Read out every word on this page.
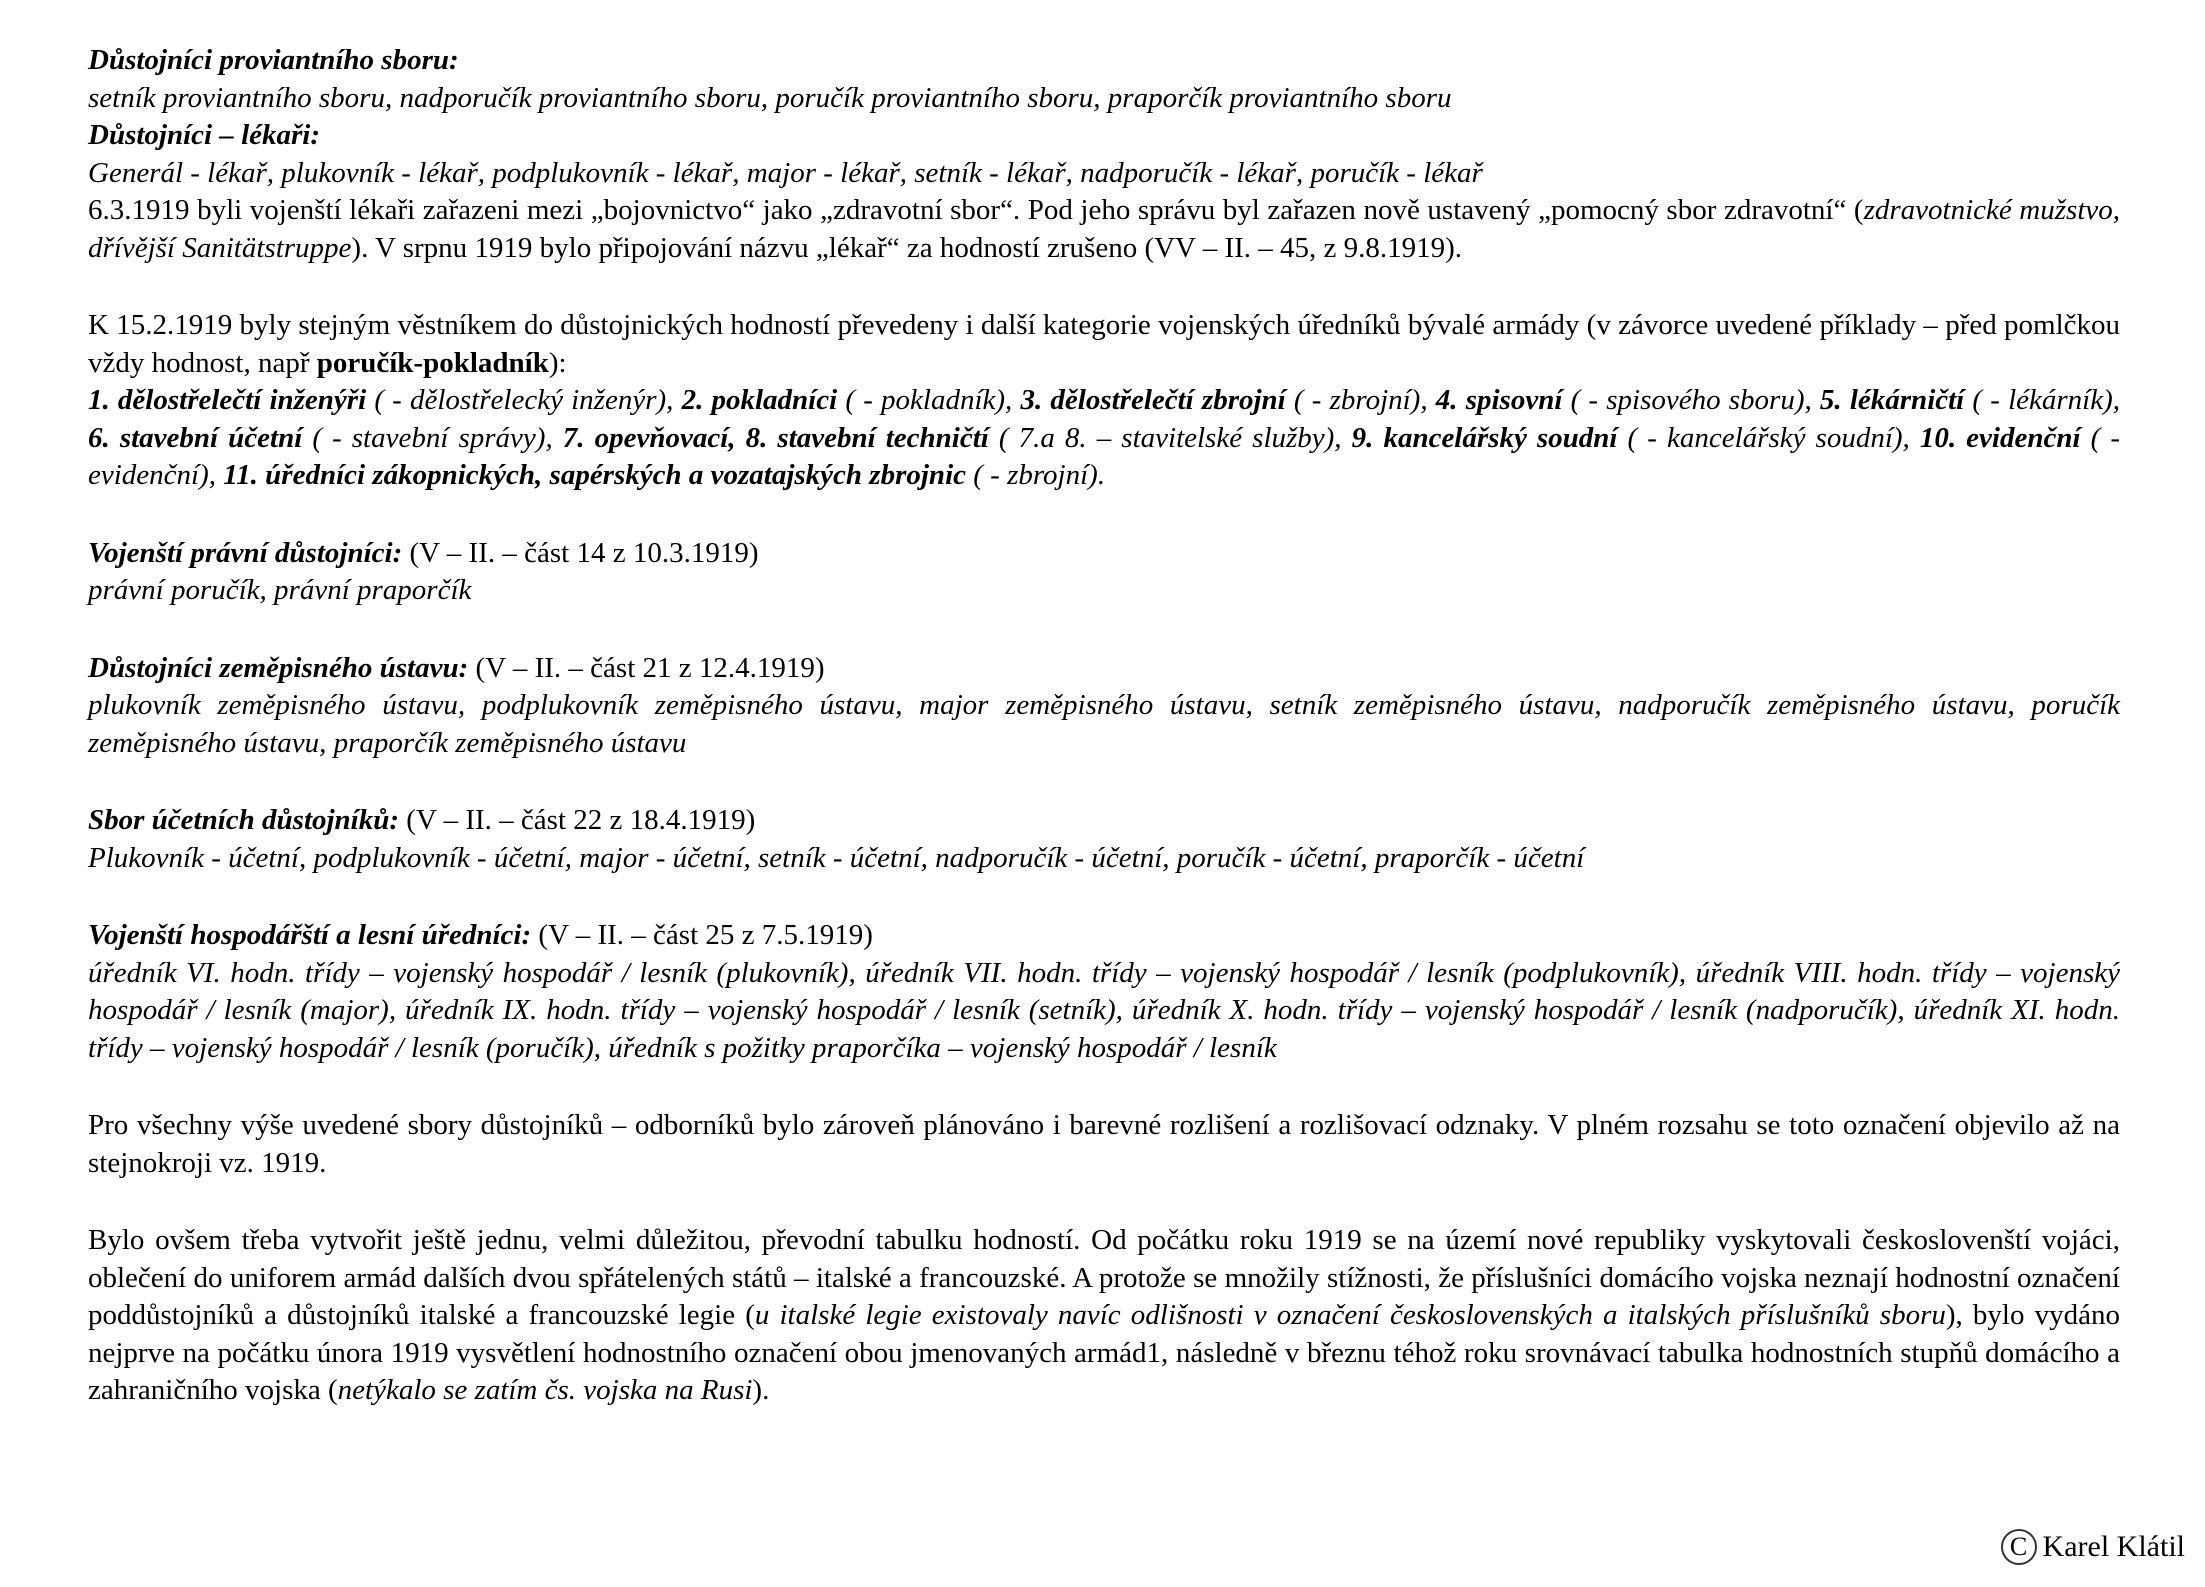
Důstojníci proviantního sboru:

setník proviantního sboru, nadporučík proviantního sboru, poručík proviantního sboru, praporčík proviantního sboru

Důstojníci – lékaři:

Generál - lékař, plukovník - lékař, podplukovník - lékař, major - lékař, setník - lékař, nadporučík - lékař, poručík - lékař

6.3.1919 byli vojenští lékaři zařazeni mezi „bojovnictvo“ jako „zdravotní sbor“. Pod jeho správu byl zařazen nově ustavený „pomocný sbor zdravotní“ (zdravotnické mužstvo, dřívější Sanitätstruppe). V srpnu 1919 bylo připojování názvu „lékař“ za hodností zrušeno (VV – II. – 45, z 9.8.1919).

K 15.2.1919 byly stejným věstníkem do důstojnických hodností převedeny i další kategorie vojenských úředníků bývalé armády (v závorce uvedené příklady – před pomlčkou vždy hodnost, např poručík-pokladník):

1. dělostřelečtí inženýři ( - dělostřelecký inženýr), 2. pokladníci ( - pokladník), 3. dělostřelečtí zbrojní ( - zbrojní), 4. spisovní ( - spisového sboru), 5. lékárničtí ( - lékárník), 6. stavební účetní ( - stavební správy), 7. opevňovací, 8. stavební techničtí ( 7.a 8. – stavitelské služby), 9. kancelářský soudní ( - kancelářský soudní), 10. evidenční ( - evidenční), 11. úředníci zákopnických, sapérských a vozatajských zbrojnic ( - zbrojní).

Vojenští právní důstojníci: (V – II. – část 14 z 10.3.1919)

právní poručík, právní praporčík

Důstojníci zeměpisného ústavu: (V – II. – část 21 z 12.4.1919)

plukovník zeměpisného ústavu, podplukovník zeměpisného ústavu, major zeměpisného ústavu, setník zeměpisného ústavu, nadporučík zeměpisného ústavu, poručík zeměpisného ústavu, praporčík zeměpisného ústavu

Sbor účetních důstojníků: (V – II. – část 22 z 18.4.1919)

Plukovník - účetní, podplukovník - účetní, major - účetní, setník - účetní, nadporučík - účetní, poručík - účetní, praporčík - účetní

Vojenští hospodářští a lesní úředníci: (V – II. – část 25 z 7.5.1919)

úředník VI. hodn. třídy – vojenský hospodář / lesník (plukovník), úředník VII. hodn. třídy – vojenský hospodář / lesník (podplukovník), úředník VIII. hodn. třídy – vojenský hospodář / lesník (major), úředník IX. hodn. třídy – vojenský hospodář / lesník (setník), úředník X. hodn. třídy – vojenský hospodář / lesník (nadporučík), úředník XI. hodn. třídy – vojenský hospodář / lesník (poručík), úředník s požitky praporčíka – vojenský hospodář / lesník

Pro všechny výše uvedené sbory důstojníků – odborníků bylo zároveň plánováno i barevné rozlišení a rozlišovací odznaky. V plném rozsahu se toto označení objevilo až na stejnokroji vz. 1919.

Bylo ovšem třeba vytvořit ještě jednu, velmi důležitou, převodní tabulku hodností. Od počátku roku 1919 se na území nové republiky vyskytovali českoslovenští vojáci, oblečení do uniforem armád dalších dvou spřátelených států – italské a francouzské. A protože se množily stížnosti, že příslušníci domácího vojska neznají hodnostní označení poddůstojníků a důstojníků italské a francouzské legie (u italské legie existovaly navíc odlišnosti v označení československých a italských příslušníků sboru), bylo vydáno nejprve na počátku února 1919 vysvětlení hodnostního označení obou jmenovaných armád1, následně v březnu téhož roku srovnávací tabulka hodnostních stupňů domácího a zahraničního vojska (netýkalo se zatím čs. vojska na Rusi).

C Karel Klátil
